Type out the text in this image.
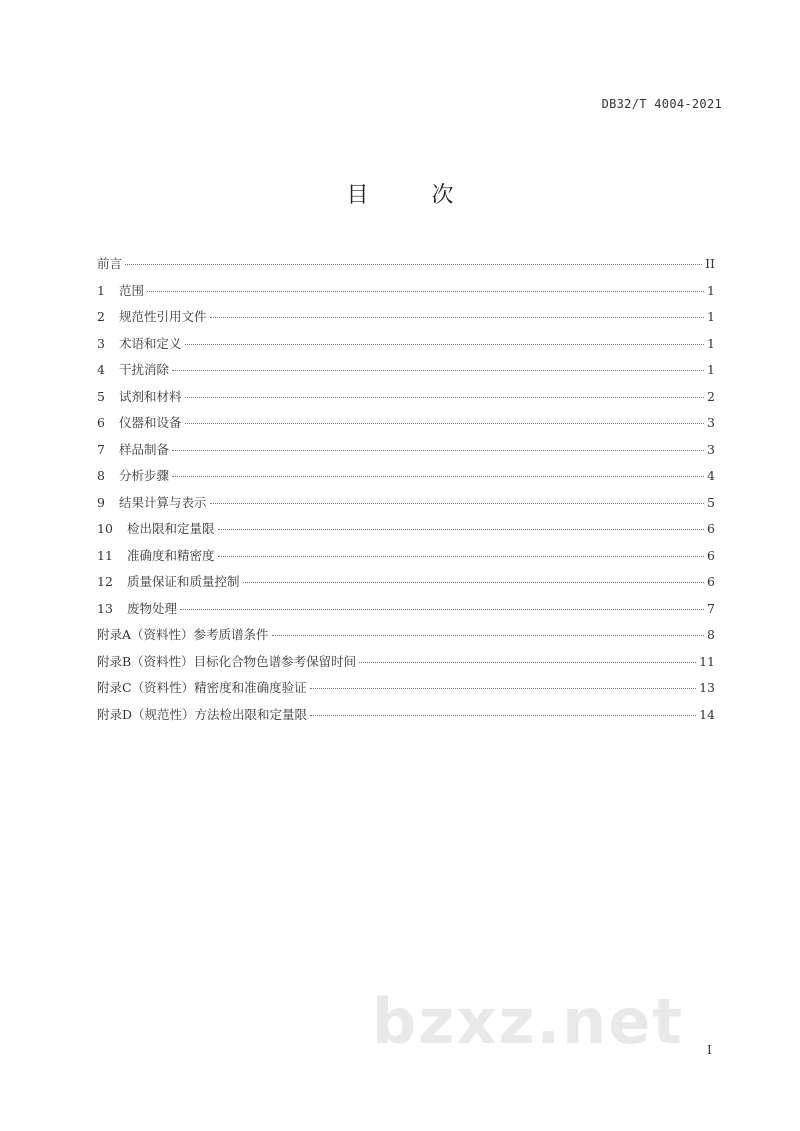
DB32/T 4004-2021
目 次
前言	II
1 范围	1
2 规范性引用文件	1
3 术语和定义	1
4 干扰消除	1
5 试剂和材料	2
6 仪器和设备	3
7 样品制备	3
8 分析步骤	4
9 结果计算与表示	5
10 检出限和定量限	6
11 准确度和精密度	6
12 质量保证和质量控制	6
13 废物处理	7
附录A（资料性）参考质谱条件	8
附录B（资料性）目标化合物色谱参考保留时间	11
附录C（资料性）精密度和准确度验证	13
附录D（规范性）方法检出限和定量限	14
bzxz.net I
